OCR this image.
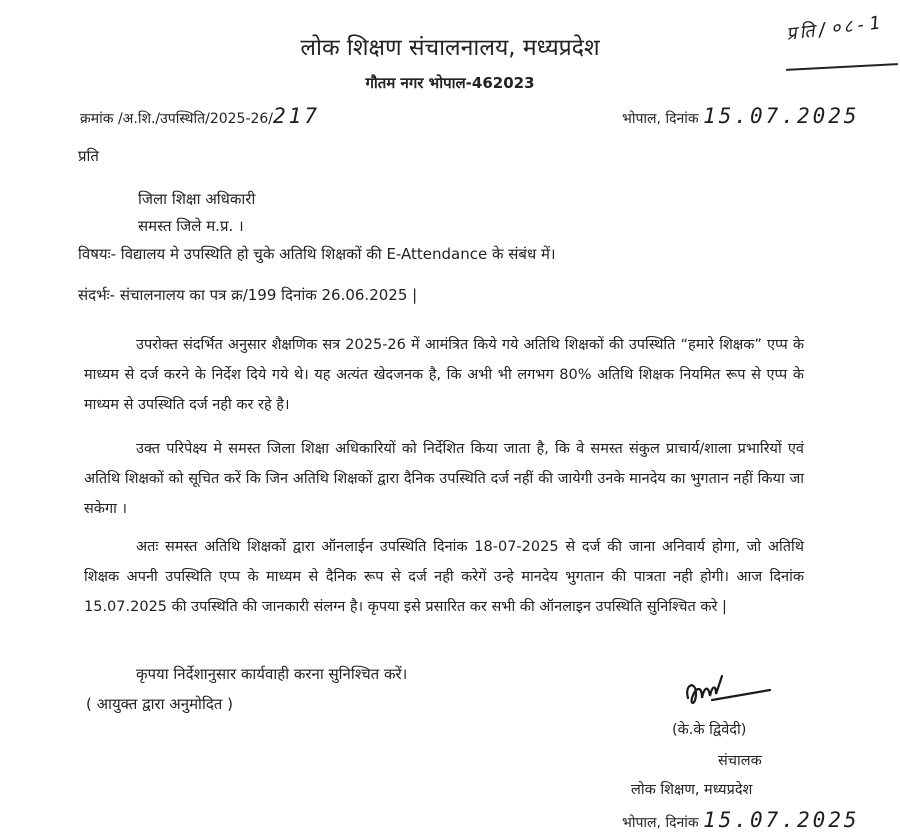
लोक शिक्षण संचालनालय, मध्यप्रदेश
गौतम नगर भोपाल-462023
प्रति/०८-1
क्रमांक /अ.शि./उपस्थिति/2025-26/217	भोपाल, दिनांक 15.07.2025
प्रति
जिला शिक्षा अधिकारी
समस्त जिले म.प्र. ।
विषयः- विद्यालय मे उपस्थिति हो चुके अतिथि शिक्षकों की E-Attendance के संबंध में।
संदर्भः- संचालनालय का पत्र क्र/199 दिनांक 26.06.2025 |
उपरोक्त संदर्भित अनुसार शैक्षणिक सत्र 2025-26 में आमंत्रित किये गये अतिथि शिक्षकों की उपस्थिति “हमारे शिक्षक” एप्प के माध्यम से दर्ज करने के निर्देश दिये गये थे। यह अत्यंत खेदजनक है, कि अभी भी लगभग 80% अतिथि शिक्षक नियमित रूप से एप्प के माध्यम से उपस्थिति दर्ज नही कर रहे है।
उक्त परिपेक्ष्य मे समस्त जिला शिक्षा अधिकारियों को निर्देशित किया जाता है, कि वे समस्त संकुल प्राचार्य/शाला प्रभारियों एवं अतिथि शिक्षकों को सूचित करें कि जिन अतिथि शिक्षकों द्वारा दैनिक उपस्थिति दर्ज नहीं की जायेगी उनके मानदेय का भुगतान नहीं किया जा सकेगा ।
अतः समस्त अतिथि शिक्षकों द्वारा ऑनलाईन उपस्थिति दिनांक 18-07-2025 से दर्ज की जाना अनिवार्य होगा, जो अतिथि शिक्षक अपनी उपस्थिति एप्प के माध्यम से दैनिक रूप से दर्ज नही करेगें उन्हे मानदेय भुगतान की पात्रता नही होगी। आज दिनांक 15.07.2025 की उपस्थिति की जानकारी संलग्न है। कृपया इसे प्रसारित कर सभी की ऑनलाइन उपस्थिति सुनिश्चित करे |
कृपया निर्देशानुसार कार्यवाही करना सुनिश्चित करें।
( आयुक्त द्वारा अनुमोदित )
(के.के द्विवेदी)
संचालक
लोक शिक्षण, मध्यप्रदेश
भोपाल, दिनांक 15.07.2025
